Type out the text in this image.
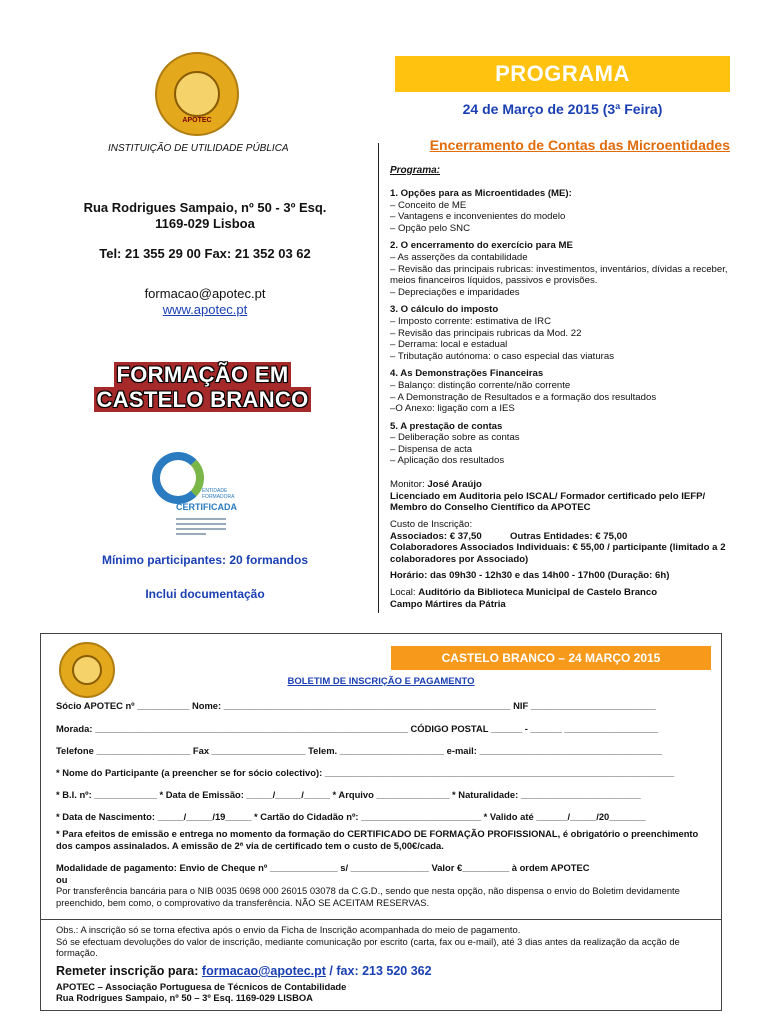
APOTEC
PROGRAMA
24 de Março de 2015 (3ª Feira)
INSTITUIÇÃO DE UTILIDADE PÚBLICA	Encerramento de Contas das Microentidades
Rua Rodrigues Sampaio, nº 50 - 3º Esq.
1169-029 Lisboa
Tel: 21 355 29 00 Fax: 21 352 03 62
formacao@apotec.pt
www.apotec.pt
FORMAÇÃO EM
CASTELO BRANCO
ENTIDADE
FORMADORA
CERTIFICADA
Mínimo participantes: 20 formandos
Inclui documentação
Programa:
1. Opções para as Microentidades (ME):
– Conceito de ME
– Vantagens e inconvenientes do modelo
– Opção pelo SNC
2. O encerramento do exercício para ME
– As asserções da contabilidade
– Revisão das principais rubricas: investimentos, inventários, dívidas a receber, meios financeiros líquidos, passivos e provisões.
– Depreciações e imparidades
3. O cálculo do imposto
– Imposto corrente: estimativa de IRC
– Revisão das principais rubricas da Mod. 22
– Derrama: local e estadual
– Tributação autónoma: o caso especial das viaturas
4. As Demonstrações Financeiras
– Balanço: distinção corrente/não corrente
– A Demonstração de Resultados e a formação dos resultados
–O Anexo: ligação com a IES
5. A prestação de contas
– Deliberação sobre as contas
– Dispensa de acta
– Aplicação dos resultados
Monitor: José Araújo
Licenciado em Auditoria pelo ISCAL/ Formador certificado pelo IEFP/ Membro do Conselho Científico da APOTEC
Custo de Inscrição:
Associados: € 37,50	Outras Entidades: € 75,00
Colaboradores Associados Individuais: € 55,00 / participante (limitado a 2 colaboradores por Associado)
Horário: das 09h30 - 12h30 e das 14h00 - 17h00 (Duração: 6h)
Local: Auditório da Biblioteca Municipal de Castelo Branco
Campo Mártires da Pátria
CASTELO BRANCO – 24 MARÇO 2015
BOLETIM DE INSCRIÇÃO E PAGAMENTO
Sócio APOTEC nº __________ Nome: _______________________________________________________ NIF ________________________
Morada: ____________________________________________________________ CÓDIGO POSTAL ______ - ______ __________________
Telefone __________________ Fax __________________ Telem. ____________________ e-mail: ___________________________________
* Nome do Participante (a preencher se for sócio colectivo): ___________________________________________________________________
* B.I. nº: ____________ * Data de Emissão: _____/_____/_____ * Arquivo ______________ * Naturalidade: _______________________
* Data de Nascimento: _____/_____/19_____ * Cartão do Cidadão nº: _______________________ * Valido até ______/_____/20_______
* Para efeitos de emissão e entrega no momento da formação do CERTIFICADO DE FORMAÇÃO PROFISSIONAL, é obrigatório o preenchimento dos campos assinalados. A emissão de 2ª via de certificado tem o custo de 5,00€/cada.
Modalidade de pagamento: Envio de Cheque nº _____________ s/ _______________ Valor €_________ à ordem APOTEC
ou
Por transferência bancária para o NIB 0035 0698 000 26015 03078 da C.G.D., sendo que nesta opção, não dispensa o envio do Boletim devidamente preenchido, bem como, o comprovativo da transferência. NÃO SE ACEITAM RESERVAS.
Obs.: A inscrição só se torna efectiva após o envio da Ficha de Inscrição acompanhada do meio de pagamento.
Só se efectuam devoluções do valor de inscrição, mediante comunicação por escrito (carta, fax ou e-mail), até 3 dias antes da realização da acção de formação.
Remeter inscrição para: formacao@apotec.pt / fax: 213 520 362
APOTEC – Associação Portuguesa de Técnicos de Contabilidade
Rua Rodrigues Sampaio, nº 50 – 3º Esq. 1169-029 LISBOA
